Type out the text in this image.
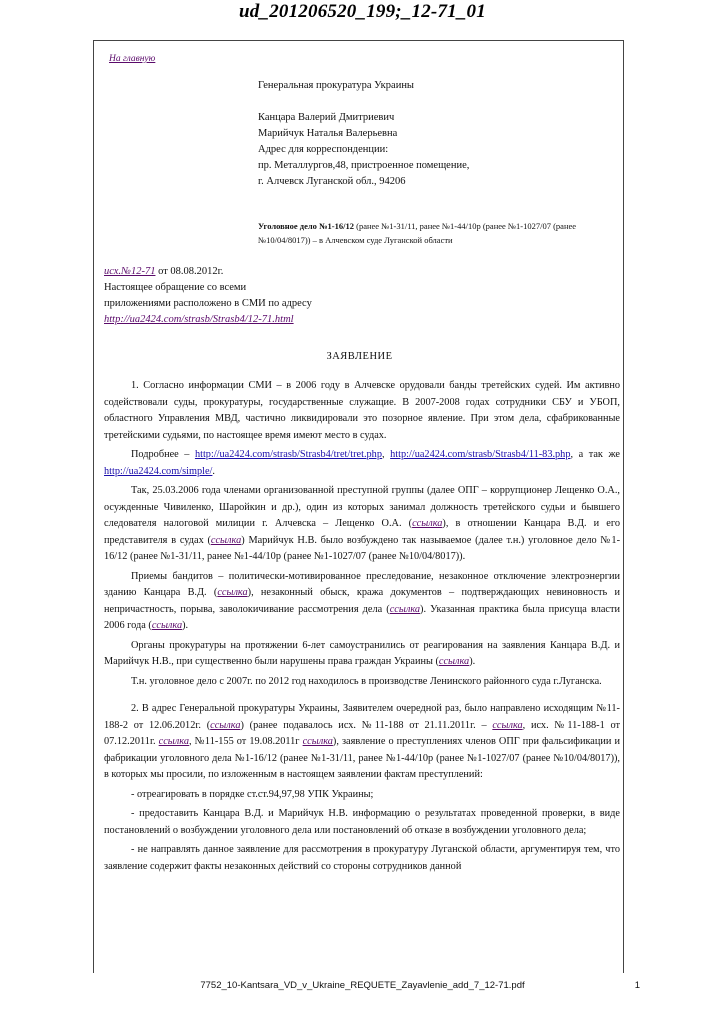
ud_201206520_199;_12-71_01
На главную
Генеральная прокуратура Украины
Канцара Валерий Дмитриевич
Марийчук Наталья Валерьевна
Адрес для корреспонденции:
пр. Металлургов,48, пристроенное помещение,
г. Алчевск Луганской обл., 94206
Уголовное дело №1-16/12 (ранее №1-31/11, ранее №1-44/10р (ранее №1-1027/07 (ранее №10/04/8017)) – в Алчевском суде Луганской области
исх.№12-71 от 08.08.2012г.
Настоящее обращение со всеми
приложениями расположено в СМИ по адресу
http://ua2424.com/strasb/Strasb4/12-71.html
ЗАЯВЛЕНИЕ

1. Согласно информации СМИ – в 2006 году в Алчевске орудовали банды третейских судей. Им активно содействовали суды, прокуратуры, государственные служащие. В 2007-2008 годах сотрудники СБУ и УБОП, областного Управления МВД, частично ликвидировали это позорное явление. При этом дела, сфабрикованные третейскими судьями, по настоящее время имеют место в судах.

Подробнее – http://ua2424.com/strasb/Strasb4/tret/tret.php, http://ua2424.com/strasb/Strasb4/11-83.php, а так же http://ua2424.com/simple/.

Так, 25.03.2006 года членами организованной преступной группы (далее ОПГ – коррупционер Лещенко О.А., осужденные Чивиленко, Шаройкин и др.), один из которых занимал должность третейского судьи и бывшего следователя налоговой милиции г. Алчевска – Лещенко О.А. (ссылка), в отношении Канцара В.Д. и его представителя в судах (ссылка) Марийчук Н.В. было возбуждено так называемое (далее т.н.) уголовное дело №1-16/12 (ранее №1-31/11, ранее №1-44/10р (ранее №1-1027/07 (ранее №10/04/8017)).

Приемы бандитов – политически-мотивированное преследование, незаконное отключение электроэнергии зданию Канцара В.Д. (ссылка), незаконный обыск, кража документов – подтверждающих невиновность и непричастность, порыва, заволокичивание рассмотрения дела (ссылка). Указанная практика была присуща власти 2006 года (ссылка).

Органы прокуратуры на протяжении 6-лет самоустранились от реагирования на заявления Канцара В.Д. и Марийчук Н.В., при существенно были нарушены права граждан Украины (ссылка).

Т.н. уголовное дело с 2007г. по 2012 год находилось в производстве Ленинского районного суда г.Луганска.

2. В адрес Генеральной прокуратуры Украины, Заявителем очередной раз, было направлено исходящим №11-188-2 от 12.06.2012г. (ссылка) (ранее подавалось исх. №11-188 от 21.11.2011г. – ссылка, исх. №11-188-1 от 07.12.2011г. ссылка, №11-155 от 19.08.2011г ссылка), заявление о преступлениях членов ОПГ при фальсификации и фабрикации уголовного дела №1-16/12 (ранее №1-31/11, ранее №1-44/10р (ранее №1-1027/07 (ранее №10/04/8017)), в которых мы просили, по изложенным в настоящем заявлении фактам преступлений:

- отреагировать в порядке ст.ст.94,97,98 УПК Украины;

- предоставить Канцара В.Д. и Марийчук Н.В. информацию о результатах проведенной проверки, в виде постановлений о возбуждении уголовного дела или постановлений об отказе в возбуждении уголовного дела;

- не направлять данное заявление для рассмотрения в прокуратуру Луганской области, аргументируя тем, что заявление содержит факты незаконных действий со стороны сотрудников данной

7752_10-Kantsara_VD_v_Ukraine_REQUETE_Zayavlenie_add_7_12-71.pdf	1
